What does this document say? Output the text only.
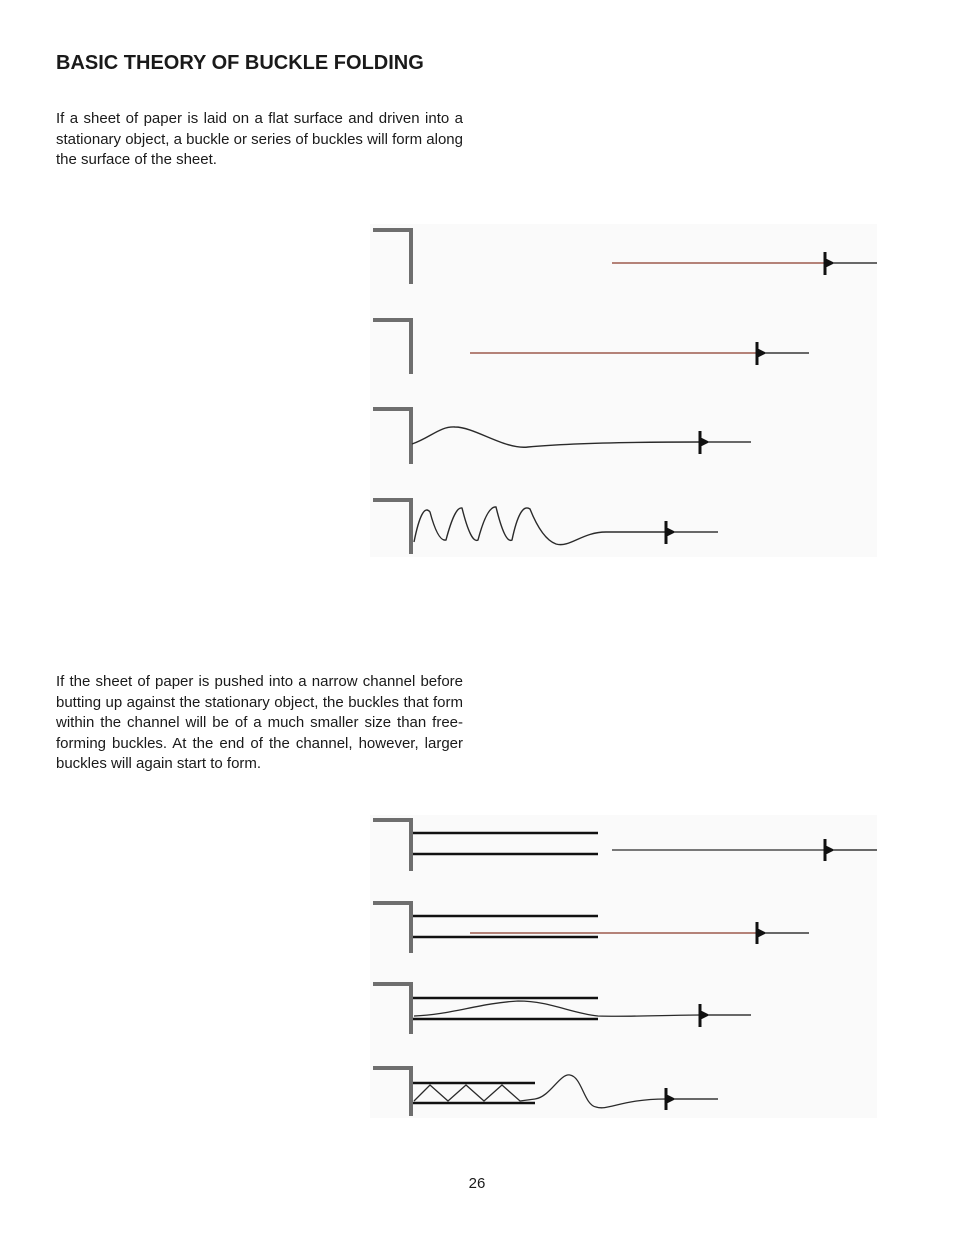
BASIC THEORY OF BUCKLE FOLDING

If a sheet of paper is laid on a flat surface and driven into a stationary object, a buckle or series of buckles will form along the surface of the sheet.

If the sheet of paper is pushed into a narrow channel before butting up against the stationary object, the buckles that form within the channel will be of a much smaller size than free-forming buckles. At the end of the channel, however, larger buckles will again start to form.

26
